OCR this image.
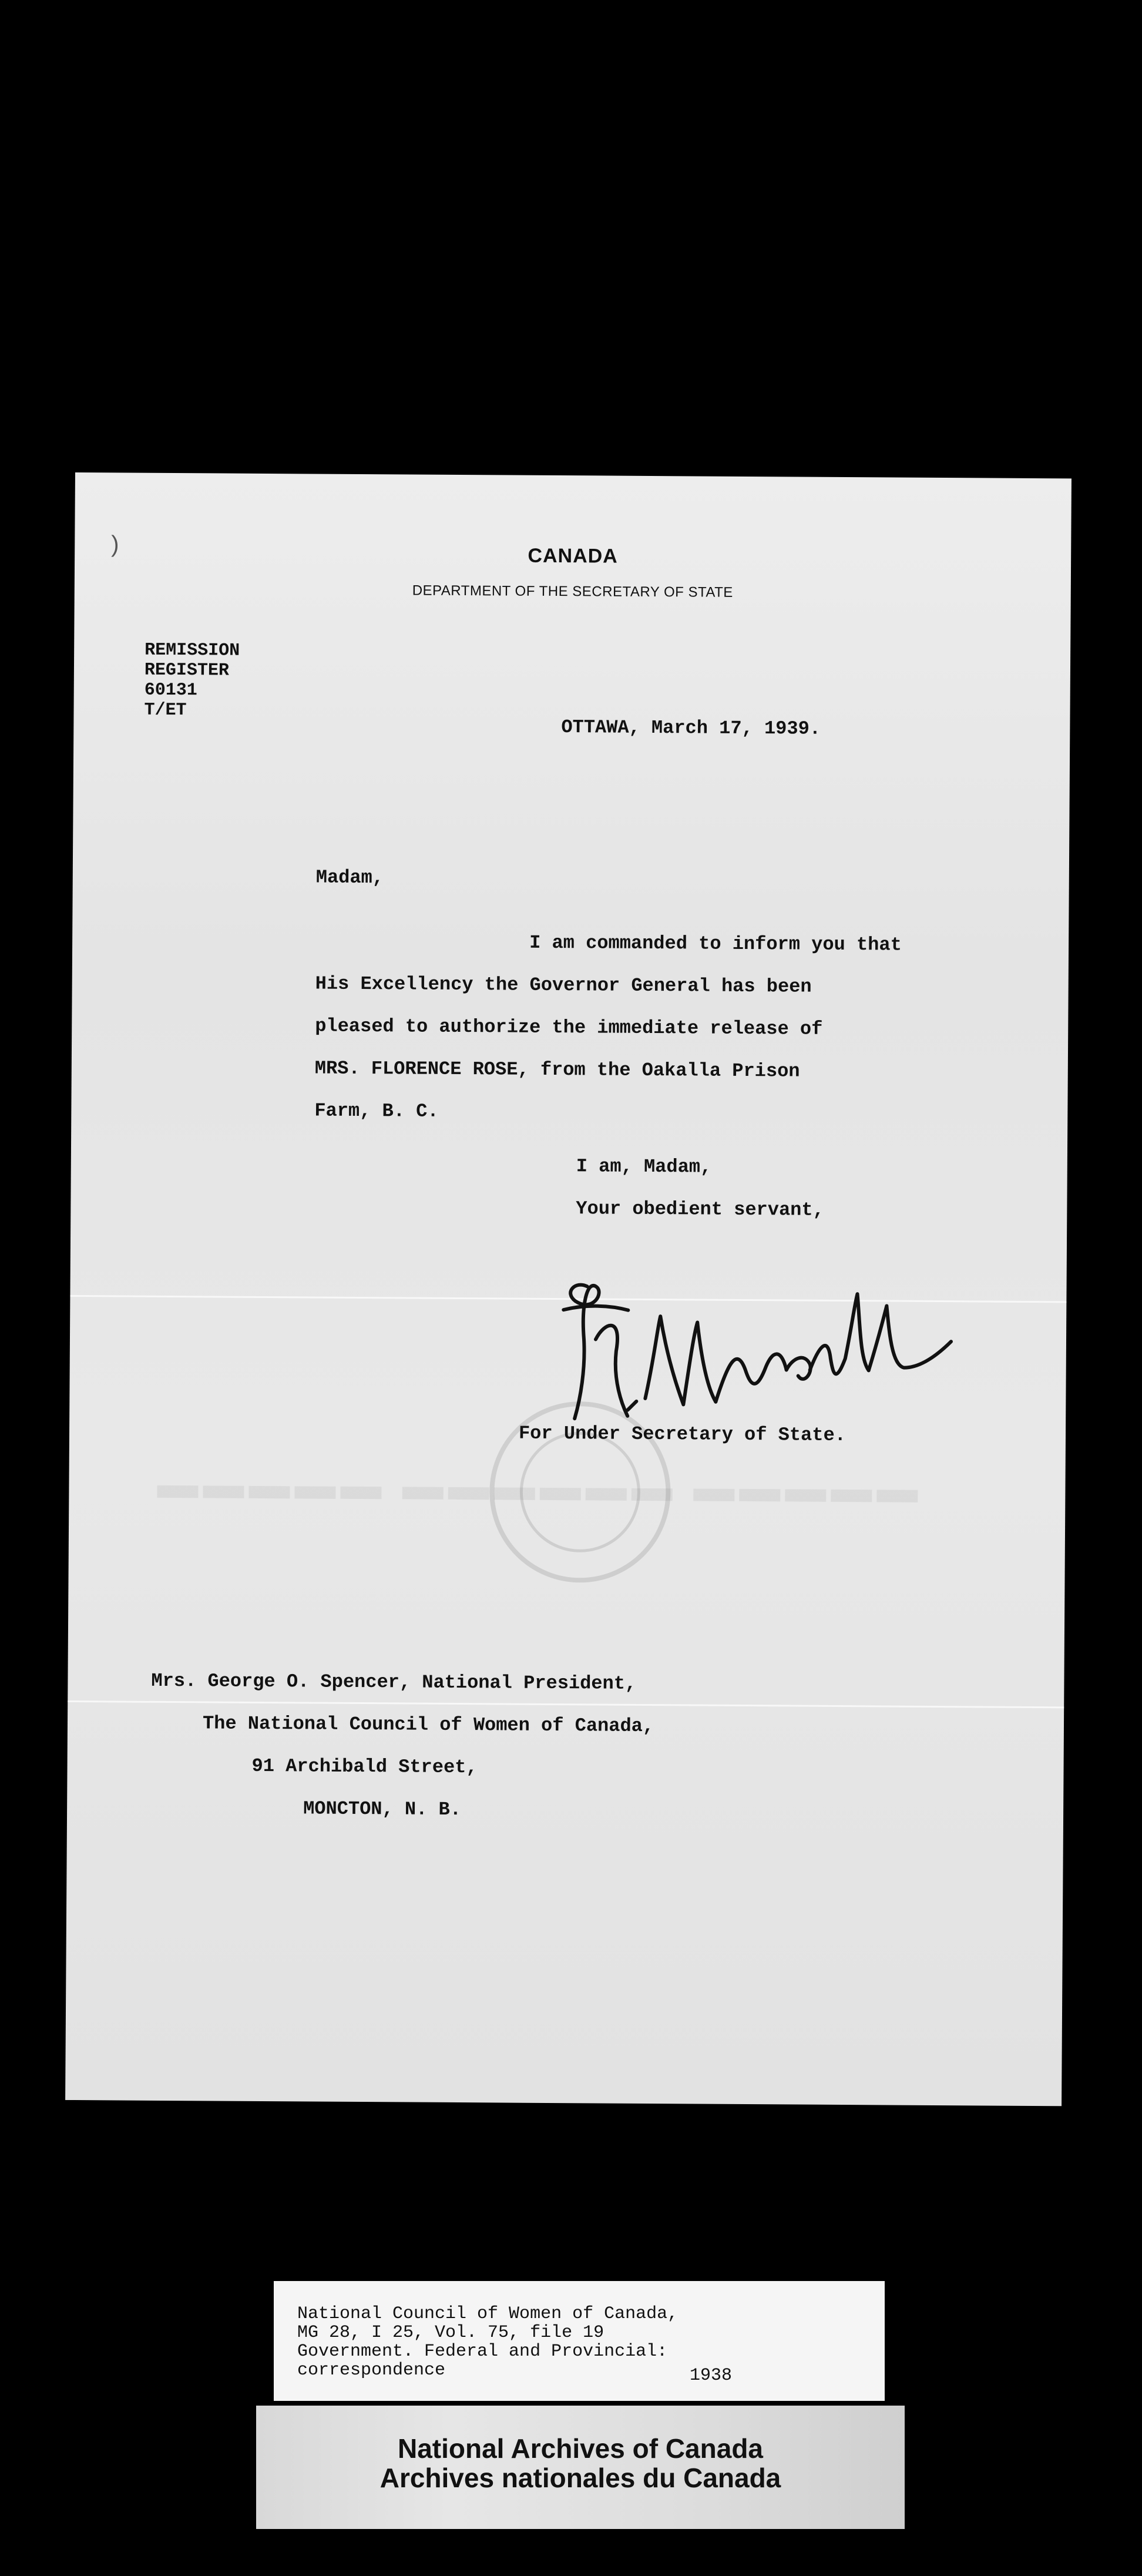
)
▬▬▬▬▬ ▬▬▬▬▬▬ ▬▬▬▬▬
CANADA
DEPARTMENT OF THE SECRETARY OF STATE
REMISSION
REGISTER
60131
T/ET
OTTAWA, March 17, 1939.
Madam,
I am commanded to inform you that
His Excellency the Governor General has been
pleased to authorize the immediate release of
MRS. FLORENCE ROSE, from the Oakalla Prison
Farm, B. C.
I am, Madam,
Your obedient servant,
For Under Secretary of State.
Mrs. George O. Spencer, National President,
The National Council of Women of Canada,
91 Archibald Street,
MONCTON, N. B.
National Council of Women of Canada,
MG 28, I 25, Vol. 75, file 19
Government. Federal and Provincial:
correspondence	1938
National Archives of Canada
Archives nationales du Canada
